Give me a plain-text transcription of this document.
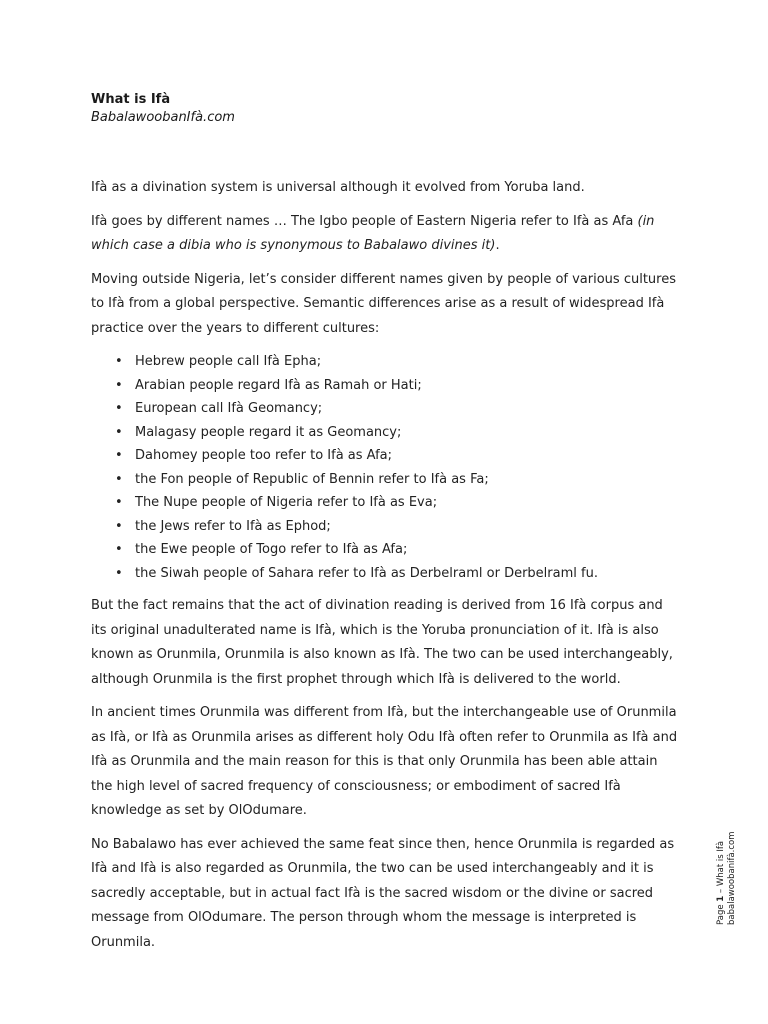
What is Ifà
BabalawoobanIfà.com

Ifà as a divination system is universal although it evolved from Yoruba land.

Ifà goes by different names … The Igbo people of Eastern Nigeria refer to Ifà as Afa (in which case a dibia who is synonymous to Babalawo divines it).

Moving outside Nigeria, let’s consider different names given by people of various cultures to Ifà from a global perspective. Semantic differences arise as a result of widespread Ifà practice over the years to different cultures:

• Hebrew people call Ifà Epha;
• Arabian people regard Ifà as Ramah or Hati;
• European call Ifà Geomancy;
• Malagasy people regard it as Geomancy;
• Dahomey people too refer to Ifà as Afa;
• the Fon people of Republic of Bennin refer to Ifà as Fa;
• The Nupe people of Nigeria refer to Ifà as Eva;
• the Jews refer to Ifà as Ephod;
• the Ewe people of Togo refer to Ifà as Afa;
• the Siwah people of Sahara refer to Ifà as Derbelraml or Derbelraml fu.

But the fact remains that the act of divination reading is derived from 16 Ifà corpus and its original unadulterated name is Ifà, which is the Yoruba pronunciation of it. Ifà is also known as Orunmila, Orunmila is also known as Ifà. The two can be used interchangeably, although Orunmila is the first prophet through which Ifà is delivered to the world.

In ancient times Orunmila was different from Ifà, but the interchangeable use of Orunmila as Ifà, or Ifà as Orunmila arises as different holy Odu Ifà often refer to Orunmila as Ifà and Ifà as Orunmila and the main reason for this is that only Orunmila has been able attain the high level of sacred frequency of consciousness; or embodiment of sacred Ifà knowledge as set by OlOdumare.

No Babalawo has ever achieved the same feat since then, hence Orunmila is regarded as Ifà and Ifà is also regarded as Orunmila, the two can be used interchangeably and it is sacredly acceptable, but in actual fact Ifà is the sacred wisdom or the divine or sacred message from OlOdumare. The person through whom the message is interpreted is Orunmila.

Page 1 – What is Ifà babalawoobanifà.com
